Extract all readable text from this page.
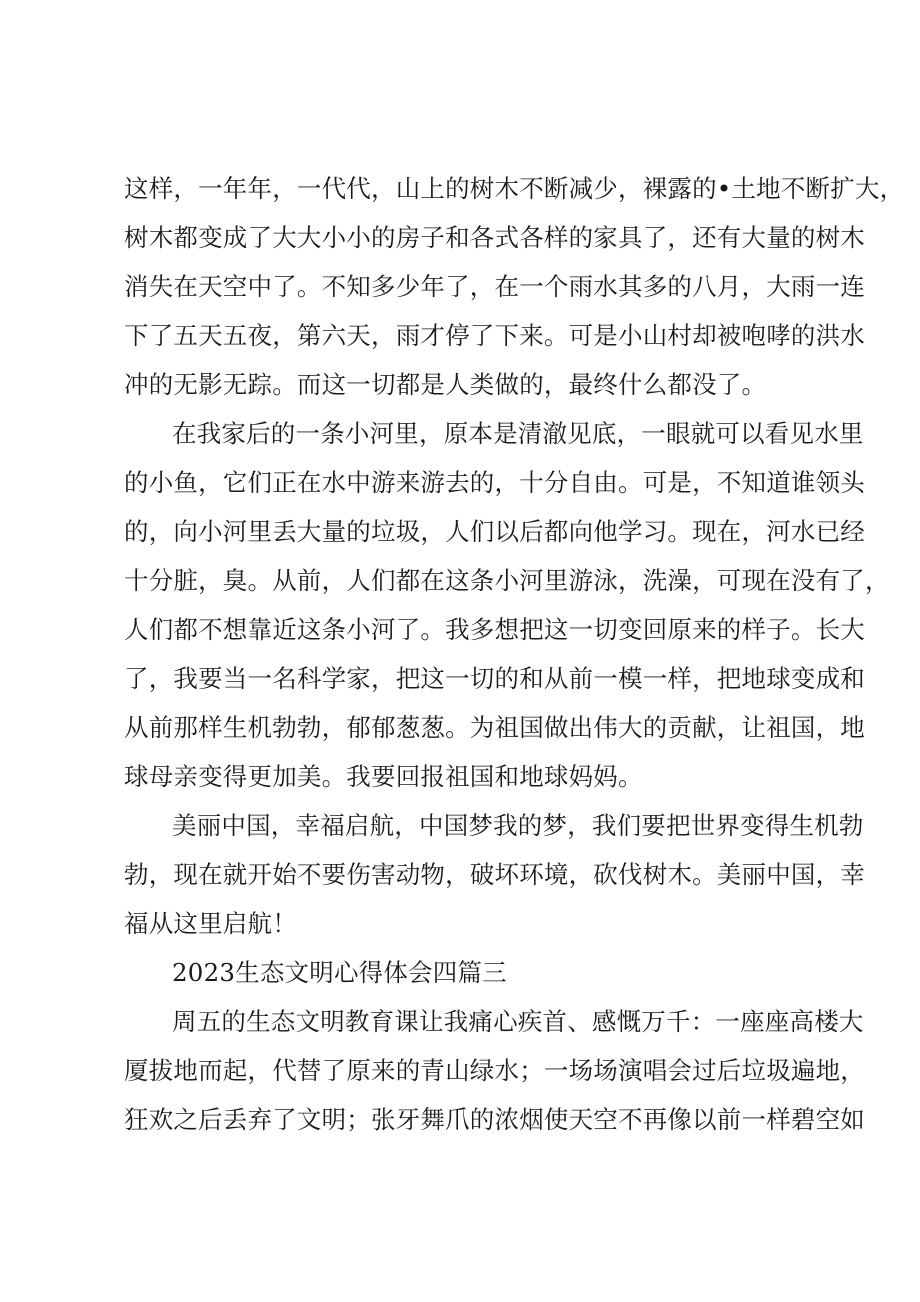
这样，一年年，一代代，山上的树木不断减少，裸露的•土地不断扩大，
树木都变成了大大小小的房子和各式各样的家具了，还有大量的树木
消失在天空中了。不知多少年了，在一个雨水其多的八月，大雨一连
下了五天五夜，第六天，雨才停了下来。可是小山村却被咆哮的洪水
冲的无影无踪。而这一切都是人类做的，最终什么都没了。
在我家后的一条小河里，原本是清澈见底，一眼就可以看见水里
的小鱼，它们正在水中游来游去的，十分自由。可是，不知道谁领头
的，向小河里丢大量的垃圾，人们以后都向他学习。现在，河水已经
十分脏，臭。从前，人们都在这条小河里游泳，洗澡，可现在没有了，
人们都不想靠近这条小河了。我多想把这一切变回原来的样子。长大
了，我要当一名科学家，把这一切的和从前一模一样，把地球变成和
从前那样生机勃勃，郁郁葱葱。为祖国做出伟大的贡献，让祖国，地
球母亲变得更加美。我要回报祖国和地球妈妈。
美丽中国，幸福启航，中国梦我的梦，我们要把世界变得生机勃
勃，现在就开始不要伤害动物，破坏环境，砍伐树木。美丽中国，幸
福从这里启航！
2023生态文明心得体会四篇三
周五的生态文明教育课让我痛心疾首、感慨万千：一座座高楼大
厦拔地而起，代替了原来的青山绿水；一场场演唱会过后垃圾遍地，
狂欢之后丢弃了文明；张牙舞爪的浓烟使天空不再像以前一样碧空如
